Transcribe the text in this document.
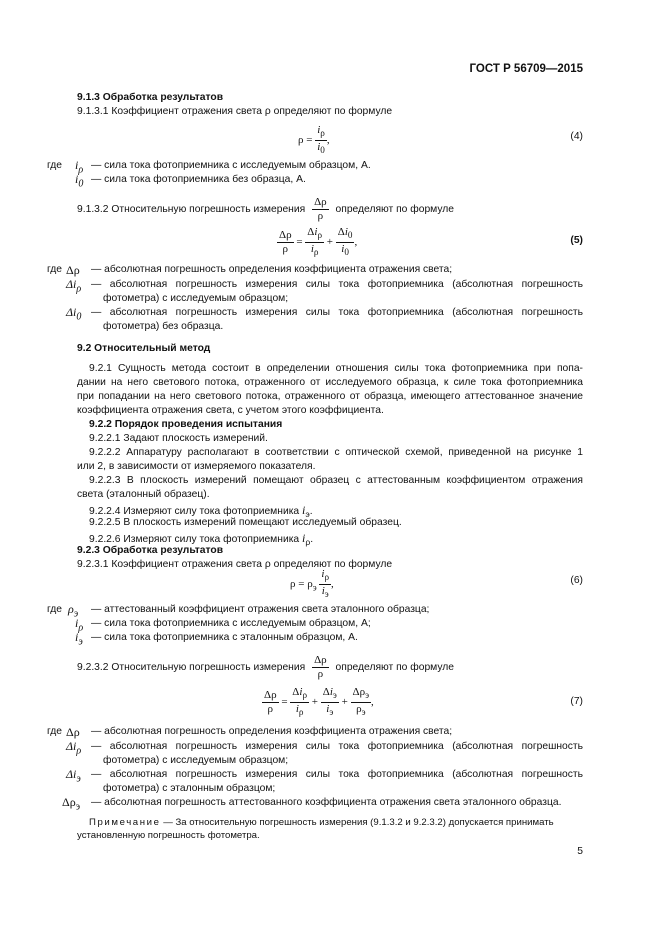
ГОСТ Р 56709—2015
9.1.3 Обработка результатов
9.1.3.1 Коэффициент отражения света ρ определяют по формуле
$\rho = \frac{i_\rho}{i_0}$ ,	(4)
где $i_\rho$ — сила тока фотоприемника с исследуемым образцом, А.
$i_0$ — сила тока фотоприемника без образца, А.
9.1.3.2 Относительную погрешность измерения $\frac{\Delta\rho}{\rho}$ определяют по формуле
$\frac{\Delta\rho}{\rho} = \frac{\Delta i_\rho}{i_\rho} + \frac{\Delta i_0}{i_0}$ ,	(5)
где Δρ — абсолютная погрешность определения коэффициента отражения света;
$\Delta i_\rho$ — абсолютная погрешность измерения силы тока фотоприемника (абсолютная погрешность
фотометра) с исследуемым образцом;
$\Delta i_0$ — абсолютная погрешность измерения силы тока фотоприемника (абсолютная погрешность
фотометра) без образца.
9.2 Относительный метод
9.2.1 Сущность метода состоит в определении отношения силы тока фотоприемника при попа-
дании на него светового потока, отраженного от исследуемого образца, к силе тока фотоприемника
при попадании на него светового потока, отраженного от образца, имеющего аттестованное значение
коэффициента отражения света, с учетом этого коэффициента.
9.2.2 Порядок проведения испытания
9.2.2.1 Задают плоскость измерений.
9.2.2.2 Аппаратуру располагают в соответствии с оптической схемой, приведенной на рисунке 1
или 2, в зависимости от измеряемого показателя.
9.2.2.3 В плоскость измерений помещают образец с аттестованным коэффициентом отражения
света (эталонный образец).
9.2.2.4 Измеряют силу тока фотоприемника $i_э$.
9.2.2.5 В плоскость измерений помещают исследуемый образец.
9.2.2.6 Измеряют силу тока фотоприемника $i_\rho$.
9.2.3 Обработка результатов
9.2.3.1 Коэффициент отражения света ρ определяют по формуле
$\rho = \rho_э \frac{i_\rho}{i_э}$ ,	(6)
где $\rho_э$ — аттестованный коэффициент отражения света эталонного образца;
$i_\rho$ — сила тока фотоприемника с исследуемым образцом, А;
$i_э$ — сила тока фотоприемника с эталонным образцом, А.
9.2.3.2 Относительную погрешность измерения $\frac{\Delta\rho}{\rho}$ определяют по формуле
$\frac{\Delta\rho}{\rho} = \frac{\Delta i_\rho}{i_\rho} + \frac{\Delta i_э}{i_э} + \frac{\Delta\rho_э}{\rho_э}$ ,	(7)
где Δρ — абсолютная погрешность определения коэффициента отражения света;
$\Delta i_\rho$ — абсолютная погрешность измерения силы тока фотоприемника (абсолютная погрешность
фотометра) с исследуемым образцом;
$\Delta i_э$ — абсолютная погрешность измерения силы тока фотоприемника (абсолютная погрешность
фотометра) с эталонным образцом;
$\Delta\rho_э$ — абсолютная погрешность аттестованного коэффициента отражения света эталонного образца.
Примечание — За относительную погрешность измерения (9.1.3.2 и 9.2.3.2) допускается принимать
установленную погрешность фотометра.
5
